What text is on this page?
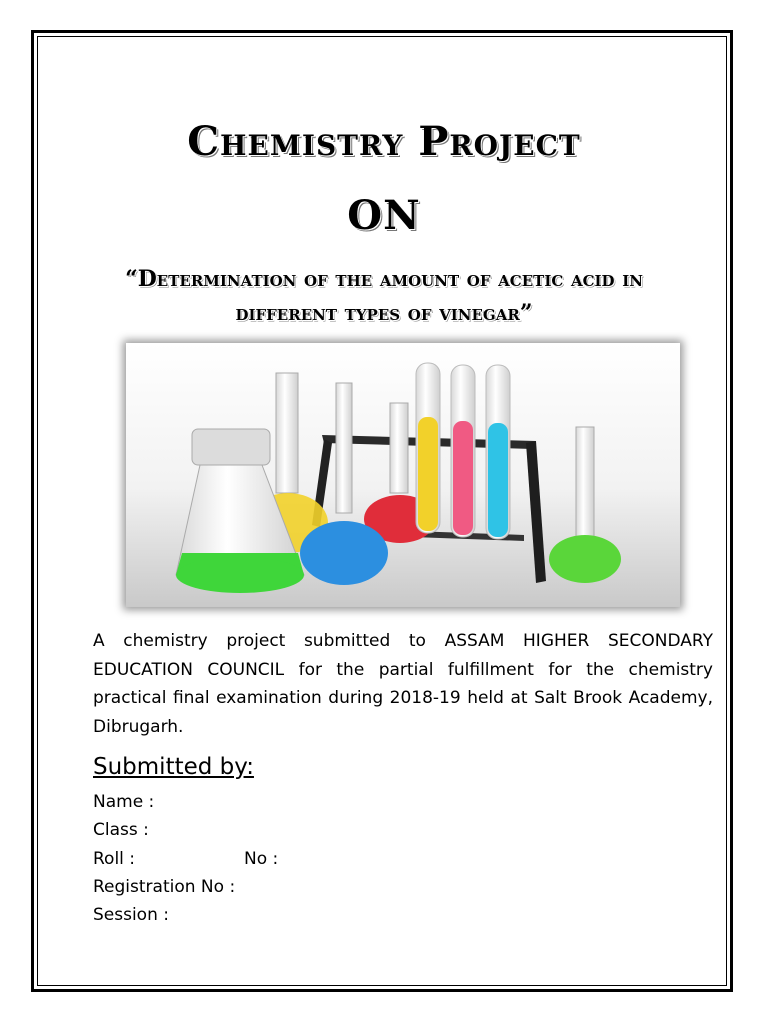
Chemistry Project
ON
“Determination of the amount of acetic acid in different types of vinegar”
A chemistry project submitted to ASSAM HIGHER SECONDARY EDUCATION COUNCIL for the partial fulfillment for the chemistry practical final examination during 2018-19 held at Salt Brook Academy, Dibrugarh.
Submitted by:
Name :
Class :
Roll :	No :
Registration No :
Session :
